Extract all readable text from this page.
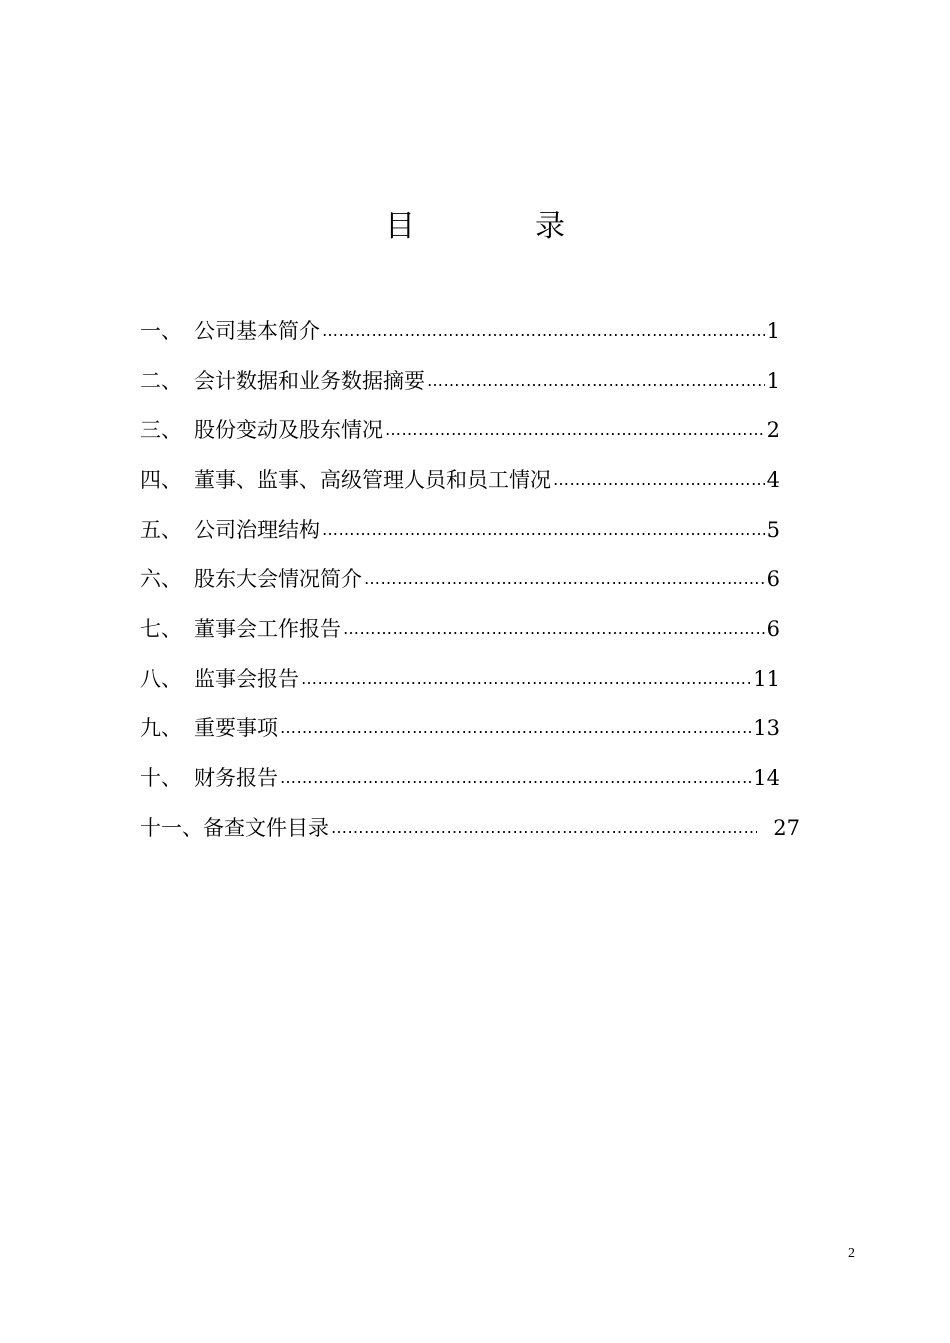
目	录
一、 公司基本简介 ……………………………………………………………………………………………………………………………………………………	1
二、 会计数据和业务数据摘要 ……………………………………………………………………………………………………………………………………………………	1
三、 股份变动及股东情况 ……………………………………………………………………………………………………………………………………………………	2
四、 董事、监事、高级管理人员和员工情况 ……………………………………………………………………………………………………………………………………………………	4
五、 公司治理结构 ……………………………………………………………………………………………………………………………………………………	5
六、 股东大会情况简介 ……………………………………………………………………………………………………………………………………………………	6
七、 董事会工作报告 ……………………………………………………………………………………………………………………………………………………	6
八、 监事会报告 ……………………………………………………………………………………………………………………………………………………	11
九、 重要事项 ……………………………………………………………………………………………………………………………………………………	13
十、 财务报告 ……………………………………………………………………………………………………………………………………………………	14
十一、 备查文件目录 ……………………………………………………………………………………………………………………………………………………	27
2
